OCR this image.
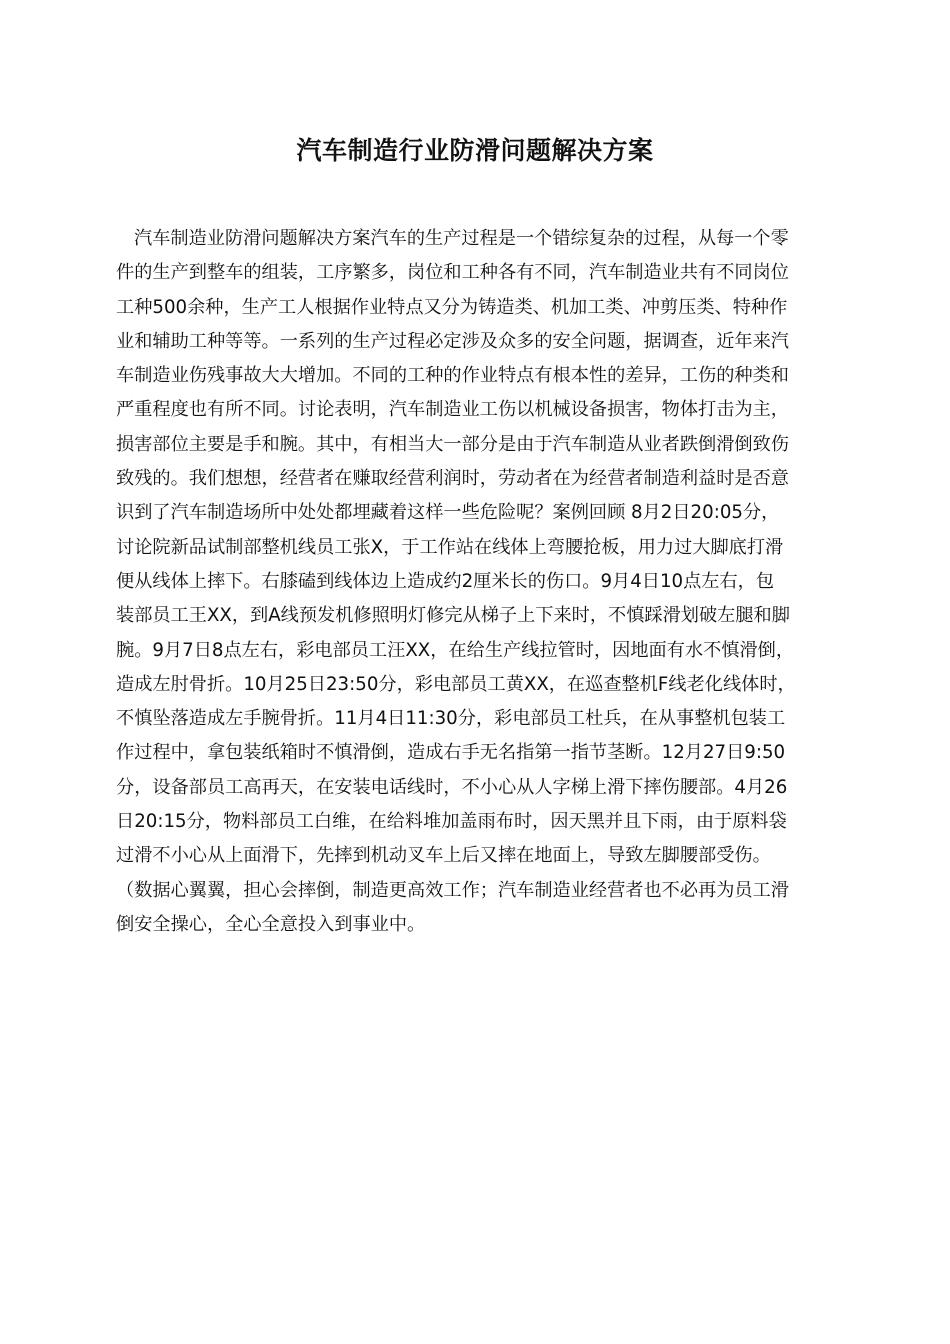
汽车制造行业防滑问题解决方案
汽车制造业防滑问题解决方案汽车的生产过程是一个错综复杂的过程，从每一个零
件的生产到整车的组装，工序繁多，岗位和工种各有不同，汽车制造业共有不同岗位
工种500余种，生产工人根据作业特点又分为铸造类、机加工类、冲剪压类、特种作
业和辅助工种等等。一系列的生产过程必定涉及众多的安全问题，据调查，近年来汽
车制造业伤残事故大大增加。不同的工种的作业特点有根本性的差异，工伤的种类和
严重程度也有所不同。讨论表明，汽车制造业工伤以机械设备损害，物体打击为主，
损害部位主要是手和腕。其中，有相当大一部分是由于汽车制造从业者跌倒滑倒致伤
致残的。我们想想，经营者在赚取经营利润时，劳动者在为经营者制造利益时是否意
识到了汽车制造场所中处处都埋藏着这样一些危险呢？案例回顾 8月2日20:05分，
讨论院新品试制部整机线员工张X，于工作站在线体上弯腰抢板，用力过大脚底打滑
便从线体上摔下。右膝磕到线体边上造成约2厘米长的伤口。9月4日10点左右，包
装部员工王XX，到A线预发机修照明灯修完从梯子上下来时，不慎踩滑划破左腿和脚
腕。9月7日8点左右，彩电部员工汪XX，在给生产线拉管时，因地面有水不慎滑倒，
造成左肘骨折。10月25日23:50分，彩电部员工黄XX，在巡查整机F线老化线体时，
不慎坠落造成左手腕骨折。11月4日11:30分，彩电部员工杜兵，在从事整机包装工
作过程中，拿包装纸箱时不慎滑倒，造成右手无名指第一指节茎断。12月27日9:50
分，设备部员工高再天，在安装电话线时，不小心从人字梯上滑下摔伤腰部。4月26
日20:15分，物料部员工白维，在给料堆加盖雨布时，因天黑并且下雨，由于原料袋
过滑不小心从上面滑下，先摔到机动叉车上后又摔在地面上，导致左脚腰部受伤。
（数据心翼翼，担心会摔倒，制造更高效工作；汽车制造业经营者也不必再为员工滑
倒安全操心，全心全意投入到事业中。
